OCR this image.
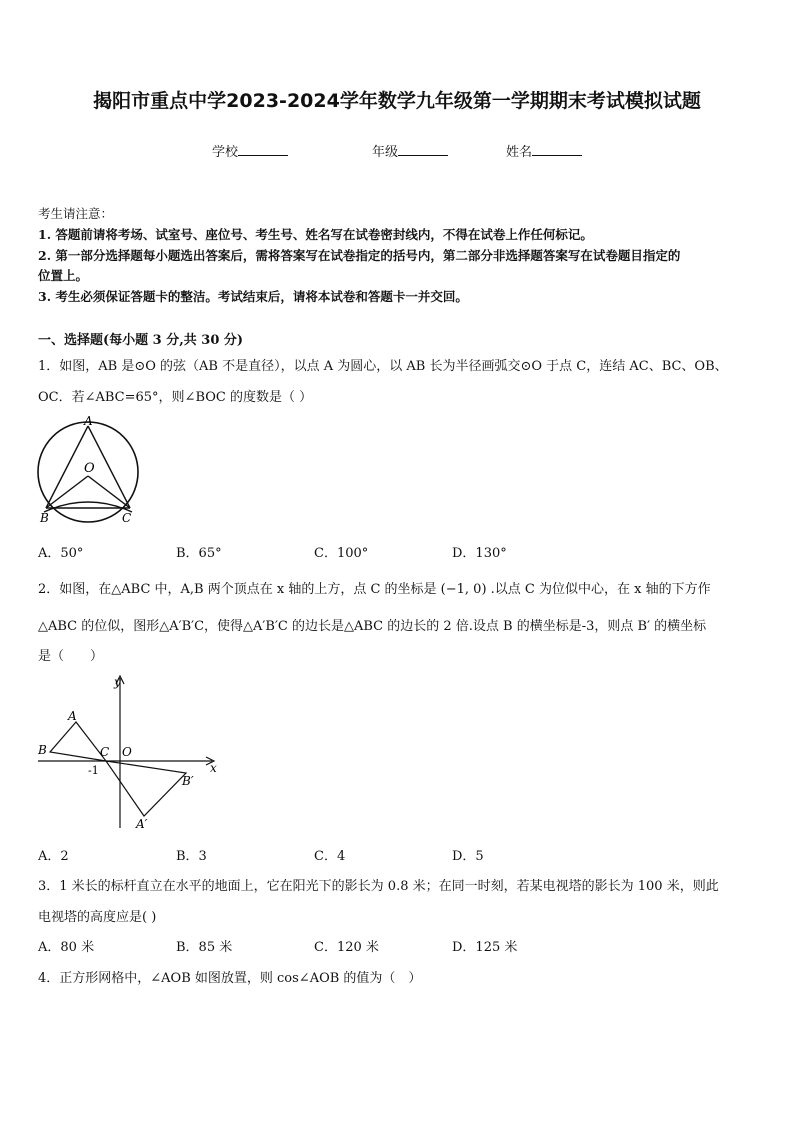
揭阳市重点中学2023-2024学年数学九年级第一学期期末考试模拟试题
学校	年级	姓名
考生请注意：
1. 答题前请将考场、试室号、座位号、考生号、姓名写在试卷密封线内，不得在试卷上作任何标记。
2. 第一部分选择题每小题选出答案后，需将答案写在试卷指定的括号内，第二部分非选择题答案写在试卷题目指定的
位置上。
3. 考生必须保证答题卡的整洁。考试结束后，请将本试卷和答题卡一并交回。
一、选择题(每小题 3 分,共 30 分)
1．如图，AB 是⊙O 的弦（AB 不是直径），以点 A 为圆心，以 AB 长为半径画弧交⊙O 于点 C，连结 AC、BC、OB、
OC．若∠ABC=65°，则∠BOC 的度数是（ ）
A
O
B	C
A．50°	B．65°	C．100°	D．130°
2．如图，在△ABC 中，A,B 两个顶点在 x 轴的上方，点 C 的坐标是 (−1, 0) .以点 C 为位似中心，在 x 轴的下方作
△ABC 的位似，图形△A′B′C，使得△A′B′C 的边长是△ABC 的边长的 2 倍.设点 B 的横坐标是-3，则点 B′ 的横坐标
是（　　）
y
x
A
B	C O
-1
B′
A′
A．2	B．3	C．4	D．5
3．1 米长的标杆直立在水平的地面上，它在阳光下的影长为 0.8 米；在同一时刻，若某电视塔的影长为 100 米，则此
电视塔的高度应是( )
A．80 米	B．85 米	C．120 米	D．125 米
4．正方形网格中，∠AOB 如图放置，则 cos∠AOB 的值为（　）
